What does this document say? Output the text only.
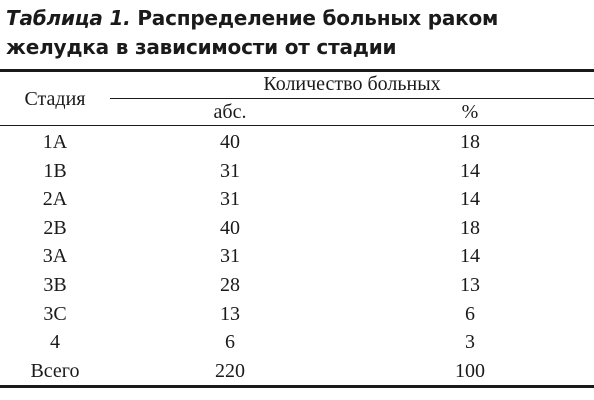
Таблица 1. Распределение больных раком желудка в зависимости от стадии
Стадия
Количество больных
абс.	%
1A	40	18
1B	31	14
2A	31	14
2B	40	18
3A	31	14
3B	28	13
3C	13	6
4	6	3
Всего	220	100
